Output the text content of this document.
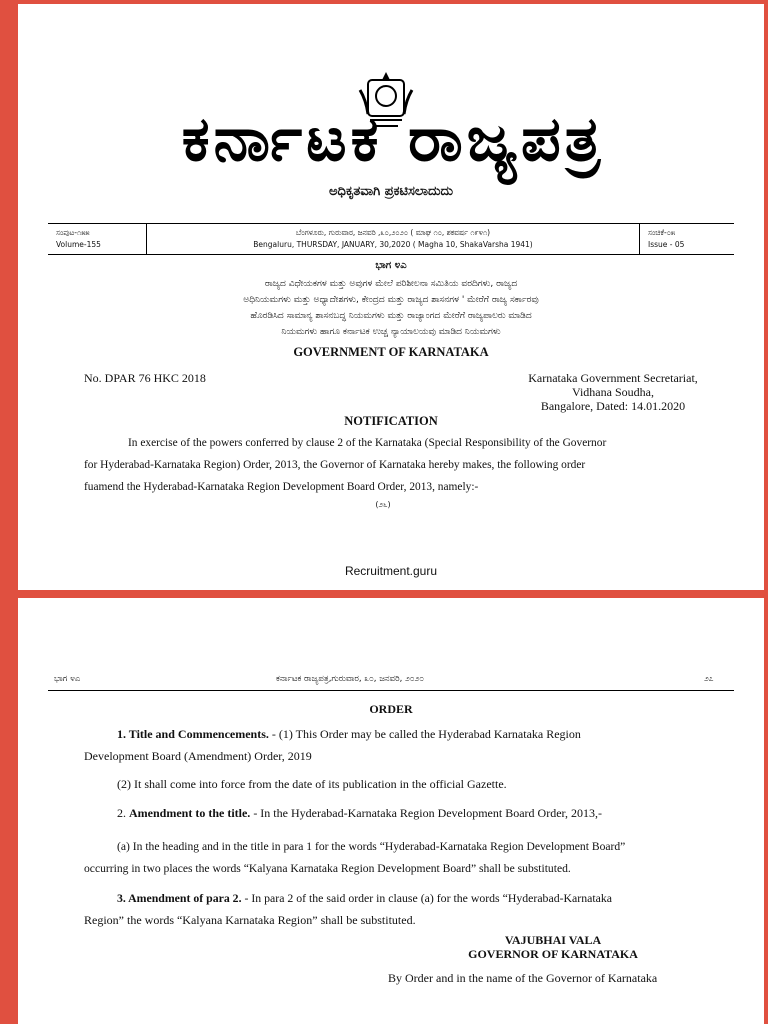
ಕರ್ನಾಟಕ ರಾಜ್ಯಪತ್ರ
ಅಧಿಕೃತವಾಗಿ ಪ್ರಕಟಿಸಲಾದುದು
ಸಂಪುಟ-೧೫೫
Volume-155
ಬೆಂಗಳೂರು, ಗುರುವಾರ, ಜನವರಿ ,೩೦,೨೦೨೦ ( ಮಾಘ ೧೦, ಶಕವರ್ಷ ೧೯೪೧)
Bengaluru, THURSDAY, JANUARY, 30,2020 ( Magha 10, ShakaVarsha 1941)
ಸಂಚಿಕೆ-೦೫
Issue - 05
ಭಾಗ ೪ಎ
ರಾಜ್ಯದ ವಿಧೇಯಕಗಳ ಮತ್ತು ಅವುಗಳ ಮೇಲೆ ಪರಿಶೀಲನಾ ಸಮಿತಿಯ ವರದಿಗಳು, ರಾಜ್ಯದ
ಅಧಿನಿಯಮಗಳು ಮತ್ತು ಅಧ್ಯಾದೇಶಗಳು, ಕೇಂದ್ರದ ಮತ್ತು ರಾಜ್ಯದ ಶಾಸನಗಳ ' ಮೇರೆಗೆ ರಾಜ್ಯ ಸರ್ಕಾರವು
ಹೊರಡಿಸಿದ ಸಾಮಾನ್ಯ ಶಾಸನಬದ್ಧ ನಿಯಮಗಳು ಮತ್ತು ರಾಜ್ಯಾಂಗದ ಮೇರೆಗೆ ರಾಜ್ಯಪಾಲರು ಮಾಡಿದ
ನಿಯಮಗಳು ಹಾಗೂ ಕರ್ನಾಟಕ ಉಚ್ಚ ನ್ಯಾಯಾಲಯವು ಮಾಡಿದ ನಿಯಮಗಳು
GOVERNMENT OF KARNATAKA
No. DPAR 76 HKC 2018	Karnataka Government Secretariat,
Vidhana Soudha,
Bangalore, Dated: 14.01.2020
NOTIFICATION
In exercise of the powers conferred by clause 2 of the Karnataka (Special Responsibility of the Governor
for Hyderabad-Karnataka Region) Order, 2013, the Governor of Karnataka hereby makes, the following order
fuamend the Hyderabad-Karnataka Region Development Board Order, 2013, namely:-
(೨೬)
Recruitment.guru
ಭಾಗ ೪ಎ	ಕರ್ನಾಟಕ ರಾಜ್ಯಪತ್ರ,ಗುರುವಾರ, ೩೦, ಜನವರಿ, ೨೦೨೦	೨೭
ORDER
1. Title and Commencements. - (1) This Order may be called the Hyderabad Karnataka Region
Development Board (Amendment) Order, 2019
(2) It shall come into force from the date of its publication in the official Gazette.
2. Amendment to the title. - In the Hyderabad-Karnataka Region Development Board Order, 2013,-
(a) In the heading and in the title in para 1 for the words “Hyderabad-Karnataka Region Development Board”
occurring in two places the words “Kalyana Karnataka Region Development Board” shall be substituted.
3. Amendment of para 2. - In para 2 of the said order in clause (a) for the words “Hyderabad-Karnataka
Region” the words “Kalyana Karnataka Region” shall be substituted.
VAJUBHAI VALA
GOVERNOR OF KARNATAKA
By Order and in the name of the Governor of Karnataka
